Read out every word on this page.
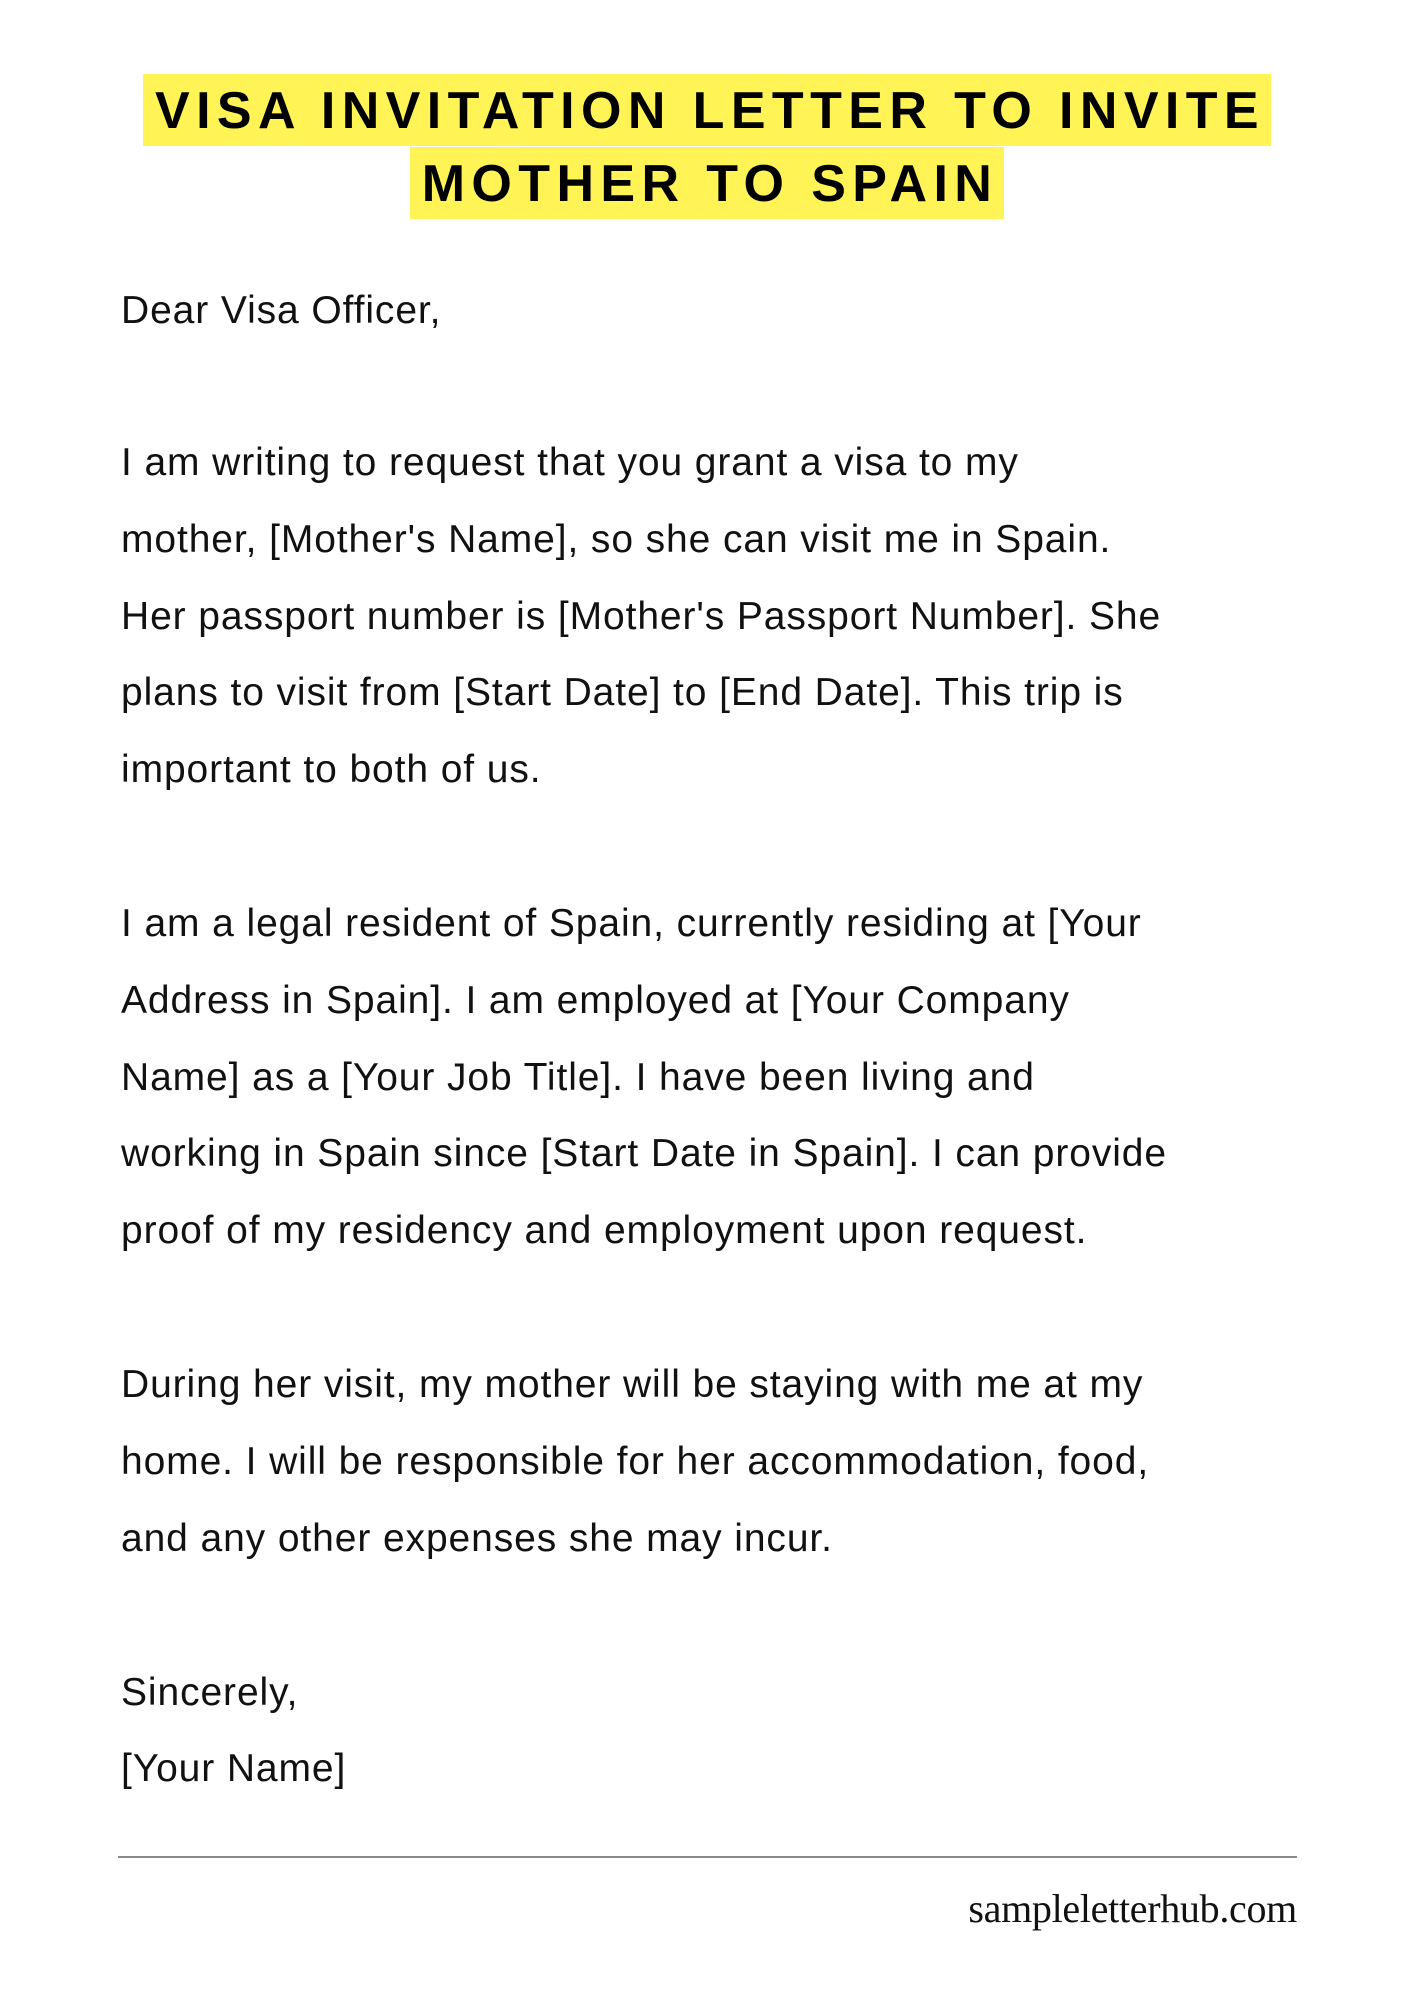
VISA INVITATION LETTER TO INVITE
MOTHER TO SPAIN
Dear Visa Officer,
I am writing to request that you grant a visa to my
mother, [Mother's Name], so she can visit me in Spain.
Her passport number is [Mother's Passport Number]. She
plans to visit from [Start Date] to [End Date]. This trip is
important to both of us.
I am a legal resident of Spain, currently residing at [Your
Address in Spain]. I am employed at [Your Company
Name] as a [Your Job Title]. I have been living and
working in Spain since [Start Date in Spain]. I can provide
proof of my residency and employment upon request.
During her visit, my mother will be staying with me at my
home. I will be responsible for her accommodation, food,
and any other expenses she may incur.
Sincerely,
[Your Name]
sampleletterhub.com
